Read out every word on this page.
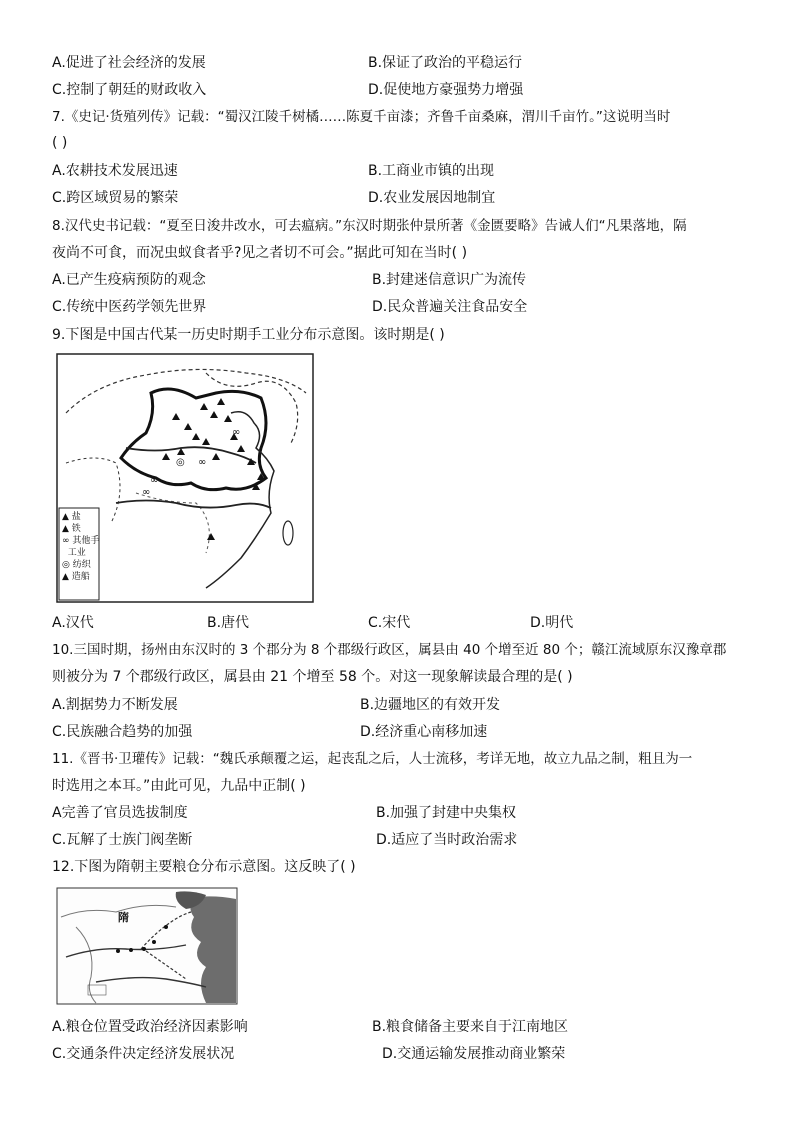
A.促进了社会经济的发展	B.保证了政治的平稳运行
C.控制了朝廷的财政收入	D.促使地方豪强势力增强
7.《史记·货殖列传》记载：“蜀汉江陵千树橘……陈夏千亩漆；齐鲁千亩桑麻，渭川千亩竹。”这说明当时
( )
A.农耕技术发展迅速	B.工商业市镇的出现
C.跨区域贸易的繁荣	D.农业发展因地制宜
8.汉代史书记载：“夏至日浚井改水，可去瘟病。”东汉时期张仲景所著《金匮要略》告诫人们“凡果落地，隔
夜尚不可食，而况虫蚁食者乎?见之者切不可会。”据此可知在当时( )
A.已产生疫病预防的观念	B.封建迷信意识广为流传
C.传统中医药学领先世界	D.民众普遍关注食品安全
9.下图是中国古代某一历史时期手工业分布示意图。该时期是( )
∞
∞
∞
∞
◎
▲ 盐
▲ 铁
∞ 其他手
工业
◎ 纺织
▲ 造船
A.汉代	B.唐代	C.宋代	D.明代
10.三国时期，扬州由东汉时的 3 个郡分为 8 个郡级行政区，属县由 40 个增至近 80 个；赣江流域原东汉豫章郡
则被分为 7 个郡级行政区，属县由 21 个增至 58 个。对这一现象解读最合理的是( )
A.割据势力不断发展	B.边疆地区的有效开发
C.民族融合趋势的加强	D.经济重心南移加速
11.《晋书·卫瓘传》记载：“魏氏承颠覆之运，起丧乱之后，人士流移，考详无地，故立九品之制，粗且为一
时选用之本耳。”由此可见，九品中正制( )
A完善了官员选拔制度	B.加强了封建中央集权
C.瓦解了士族门阀垄断	D.适应了当时政治需求
12.下图为隋朝主要粮仓分布示意图。这反映了( )
隋
A.粮仓位置受政治经济因素影响	B.粮食储备主要来自于江南地区
C.交通条件决定经济发展状况	D.交通运输发展推动商业繁荣
